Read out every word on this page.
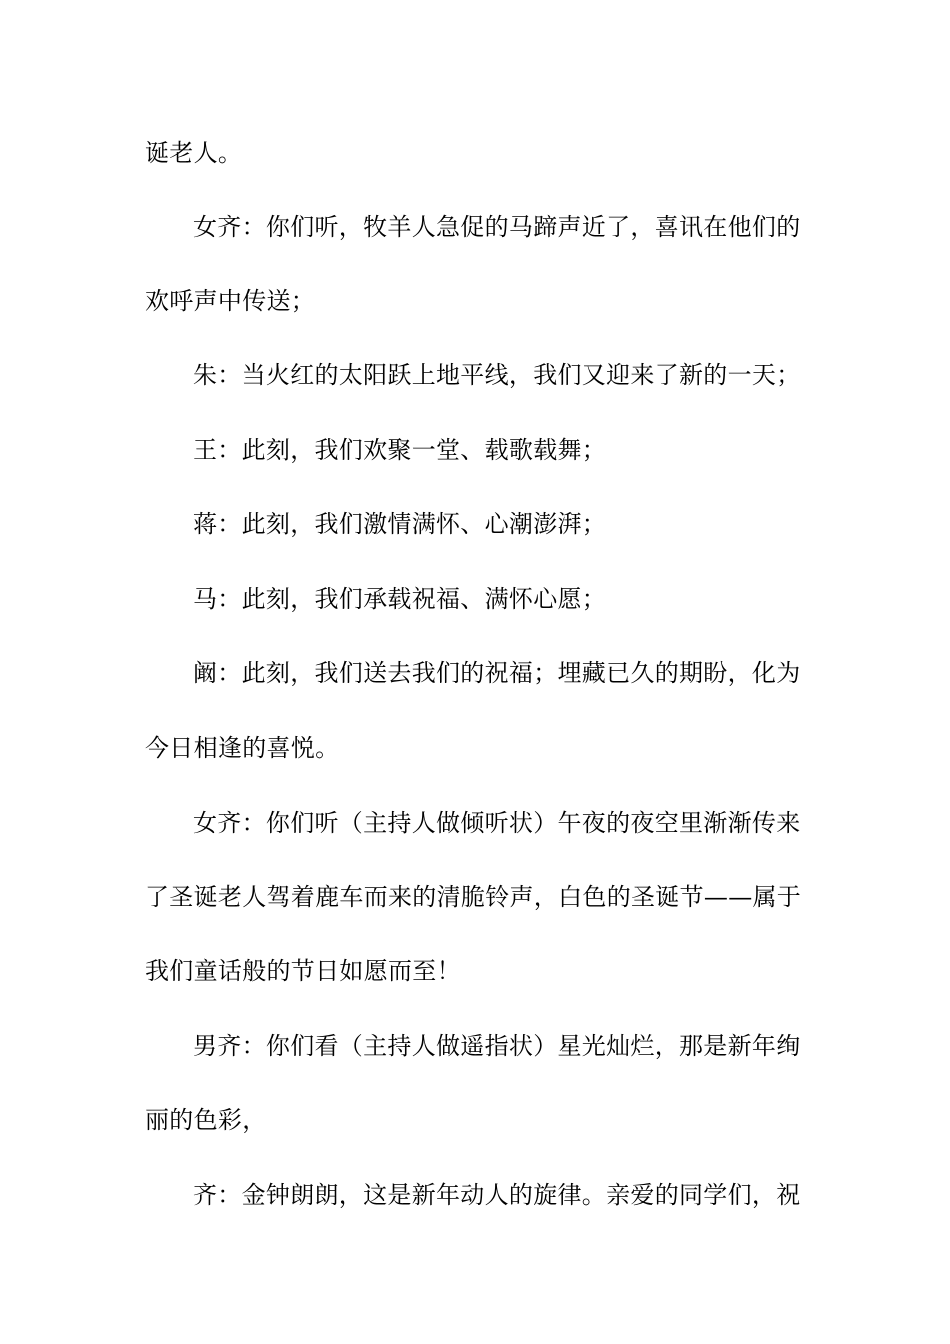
诞老人。
女齐：你们听，牧羊人急促的马蹄声近了，喜讯在他们的
欢呼声中传送；
朱：当火红的太阳跃上地平线，我们又迎来了新的一天；
王：此刻，我们欢聚一堂、载歌载舞；
蒋：此刻，我们激情满怀、心潮澎湃；
马：此刻，我们承载祝福、满怀心愿；
阚：此刻，我们送去我们的祝福；埋藏已久的期盼，化为
今日相逢的喜悦。
女齐：你们听（主持人做倾听状）午夜的夜空里渐渐传来
了圣诞老人驾着鹿车而来的清脆铃声，白色的圣诞节——属于
我们童话般的节日如愿而至！
男齐：你们看（主持人做遥指状）星光灿烂，那是新年绚
丽的色彩，
齐：金钟朗朗，这是新年动人的旋律。亲爱的同学们，祝
